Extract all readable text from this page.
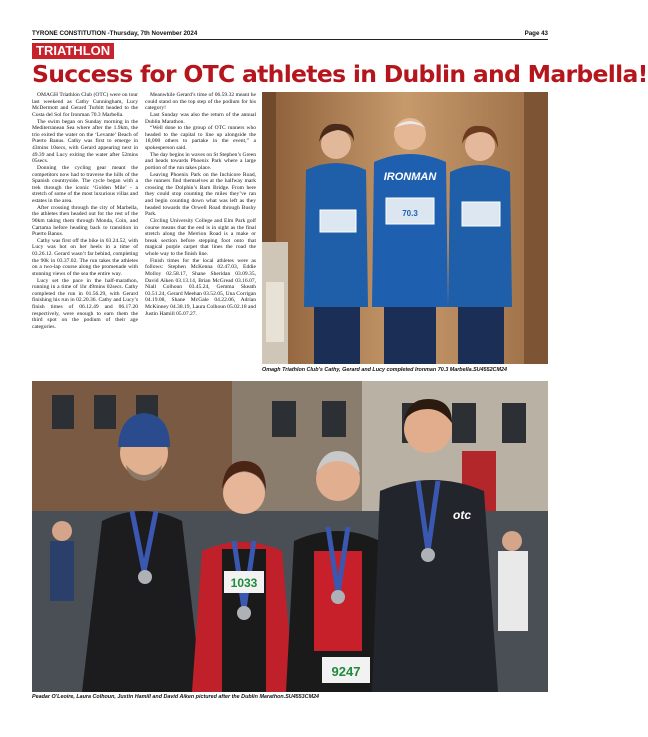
TYRONE CONSTITUTION -Thursday, 7th November 2024	Page 43
TRIATHLON
Success for OTC athletes in Dublin and Marbella!

OMAGH Triathlon Club (OTC) were on tour last weekend as Cathy Cunningham, Lucy McDermott and Gerard Turbitt headed to the Costa del Sol for Ironman 70.3 Marbella.

The swim began on Sunday morning in the Mediterranean Sea where after the 1.9km, the trio exited the water on the ‘Levante’ Beach of Puerto Banus. Cathy was first to emerge in 43mins 10secs, with Gerard appearing next in 49.39 and Lucy exiting the water after 52mins 05secs.

Donning the cycling gear meant the competitors now had to traverse the hills of the Spanish countryside. The cycle began with a trek through the iconic ‘Golden Mile’ - a stretch of some of the most luxurious villas and estates in the area.

After crossing through the city of Marbella, the athletes then headed out for the rest of the 90km taking them through Monda, Coin, and Cartama before heading back to transition in Puerto Banus.

Cathy was first off the bike in 03.24.52, with Lucy was hot on her heels in a time of 03.26.12. Gerard wasn’t far behind, completing the 90k in 03.37.02. The run takes the athletes on a two-lap course along the promenade with stunning views of the sea the entire way.

Lucy set the pace in the half-marathon, running in a time of 1hr 49mins 02secs. Cathy completed the run in 01.56.29, with Gerard finishing his run in 02.20.36. Cathy and Lucy’s finish times of 06.12.49 and 06.17.20 respectively, were enough to earn them the third spot on the podium of their age categories.

Meanwhile Gerard’s time of 06.59.32 meant he could stand on the top step of the podium for his category!

Last Sunday was also the return of the annual Dublin Marathon.

“Well done to the group of OTC runners who headed to the capital to line up alongside the 18,000 others to partake in the event,” a spokesperson said.

The day begins in waves on St Stephen’s Green and heads towards Phoenix Park where a large portion of the run takes place.

Leaving Phoenix Park on the Inchicore Road, the runners find themselves at the halfway mark crossing the Dolphin’s Barn Bridge. From here they could stop counting the miles they’ve ran and begin counting down what was left as they headed towards the Orwell Road through Bushy Park.

Circling University College and Elm Park golf course means that the end is in sight as the final stretch along the Merrion Road is a make or break section before stepping foot onto that magical purple carpet that lines the road the whole way to the finish line.

Finish times for the local athletes were as follows: Stephen McKenna 02.47.03, Eddie Molloy 02.58.17, Shane Sheridan 03.09.35, David Aiken 03.13.14, Brian McGread 03.16.07, Niall Colhoun 03.45.24, Gemma Skeath 03.51.24, Gerard Meehan 03.52.05, Una Corrigan 04.19.08, Shane McGale 04.22.06, Adrian McKinney 04.38.19, Laura Colhoun 05.02.18 and Justin Hamill 05.07.27.

IRONMAN
70.3
Omagh Triathlon Club’s Cathy, Gerard and Lucy completed Ironman 70.3 Marbella.SU4552CM24
1033
9247
otc
Peadar O’Leoire, Laura Colhoun, Justin Hamill and David Aiken pictured after the Dublin Marathon.SU4553CM24
